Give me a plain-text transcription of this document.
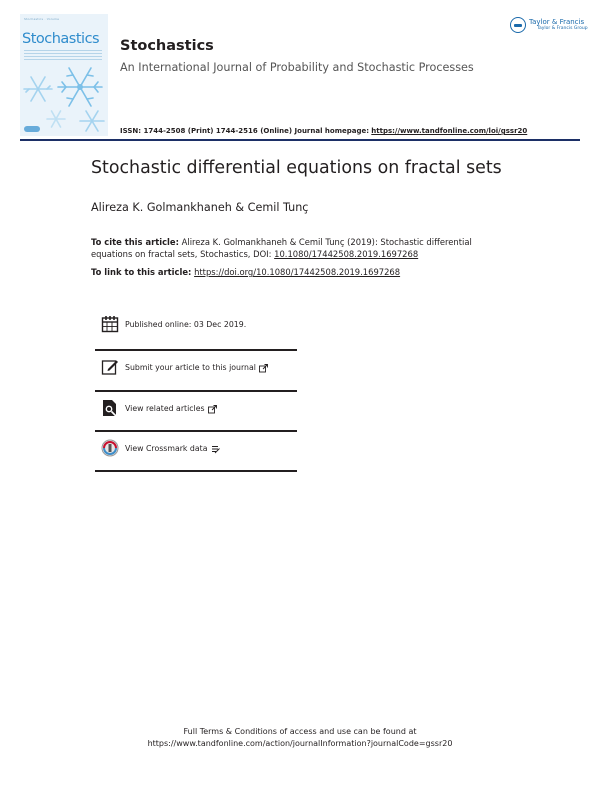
Stochastics · Volume
Stochastics Stochastics
An International Journal of Probability and Stochastic Processes
ISSN: 1744-2508 (Print) 1744-2516 (Online) Journal homepage: https://www.tandfonline.com/loi/gssr20
Taylor & Francis
Taylor & Francis Group
Stochastic differential equations on fractal sets
Alireza K. Golmankhaneh & Cemil Tunç
To cite this article: Alireza K. Golmankhaneh & Cemil Tunç (2019): Stochastic differential equations on fractal sets, Stochastics, DOI: 10.1080/17442508.2019.1697268
To link to this article: https://doi.org/10.1080/17442508.2019.1697268
Published online: 03 Dec 2019.
Submit your article to this journal
View related articles
View Crossmark data
Full Terms & Conditions of access and use can be found at
https://www.tandfonline.com/action/journalInformation?journalCode=gssr20
